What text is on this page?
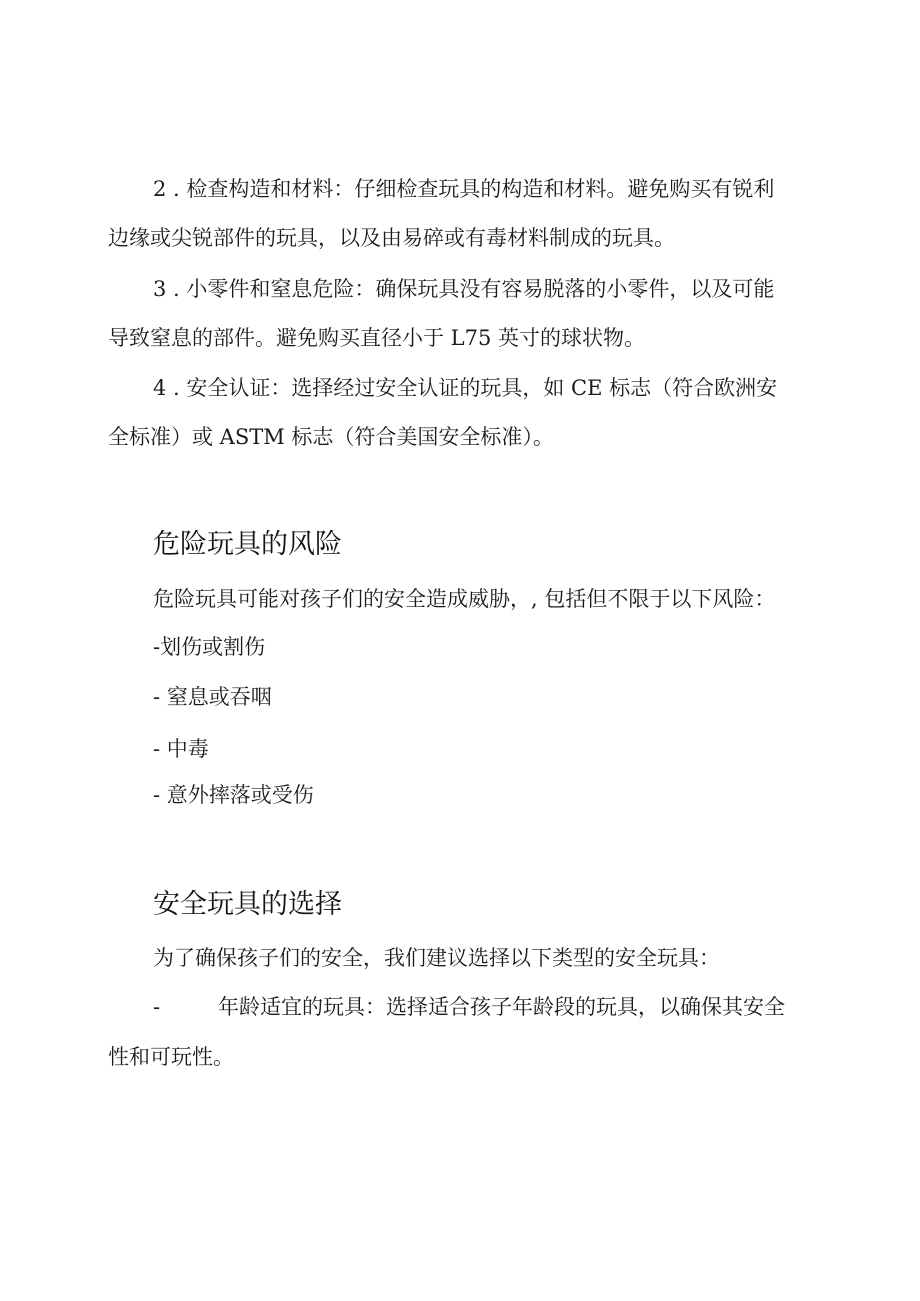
2 . 检查构造和材料：仔细检查玩具的构造和材料。避免购买有锐利
边缘或尖锐部件的玩具，以及由易碎或有毒材料制成的玩具。
3 . 小零件和窒息危险：确保玩具没有容易脱落的小零件，以及可能
导致窒息的部件。避免购买直径小于 L75 英寸的球状物。
4 . 安全认证：选择经过安全认证的玩具，如 CE 标志（符合欧洲安
全标准）或 ASTM 标志（符合美国安全标准）。
危险玩具的风险
危险玩具可能对孩子们的安全造成威胁，, 包括但不限于以下风险：
-划伤或割伤
- 窒息或吞咽
- 中毒
- 意外摔落或受伤
安全玩具的选择
为了确保孩子们的安全，我们建议选择以下类型的安全玩具：
-	年龄适宜的玩具：选择适合孩子年龄段的玩具，以确保其安全
性和可玩性。
